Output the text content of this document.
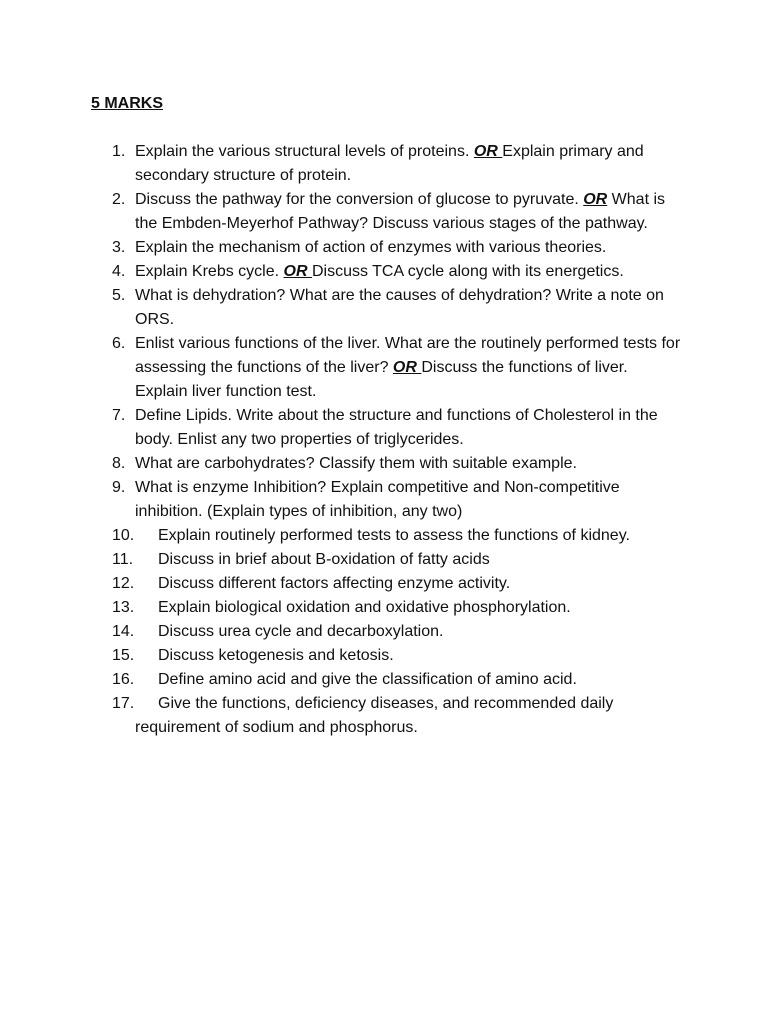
5 MARKS
1. Explain the various structural levels of proteins. OR Explain primary and secondary structure of protein.
2. Discuss the pathway for the conversion of glucose to pyruvate. OR What is the Embden-Meyerhof Pathway? Discuss various stages of the pathway.
3. Explain the mechanism of action of enzymes with various theories.
4. Explain Krebs cycle. OR Discuss TCA cycle along with its energetics.
5. What is dehydration? What are the causes of dehydration? Write a note on ORS.
6. Enlist various functions of the liver. What are the routinely performed tests for assessing the functions of the liver? OR Discuss the functions of liver. Explain liver function test.
7. Define Lipids. Write about the structure and functions of Cholesterol in the body. Enlist any two properties of triglycerides.
8. What are carbohydrates? Classify them with suitable example.
9. What is enzyme Inhibition? Explain competitive and Non-competitive inhibition. (Explain types of inhibition, any two)
10. Explain routinely performed tests to assess the functions of kidney.
11. Discuss in brief about B-oxidation of fatty acids
12. Discuss different factors affecting enzyme activity.
13. Explain biological oxidation and oxidative phosphorylation.
14. Discuss urea cycle and decarboxylation.
15. Discuss ketogenesis and ketosis.
16. Define amino acid and give the classification of amino acid.
17. Give the functions, deficiency diseases, and recommended daily requirement of sodium and phosphorus.
